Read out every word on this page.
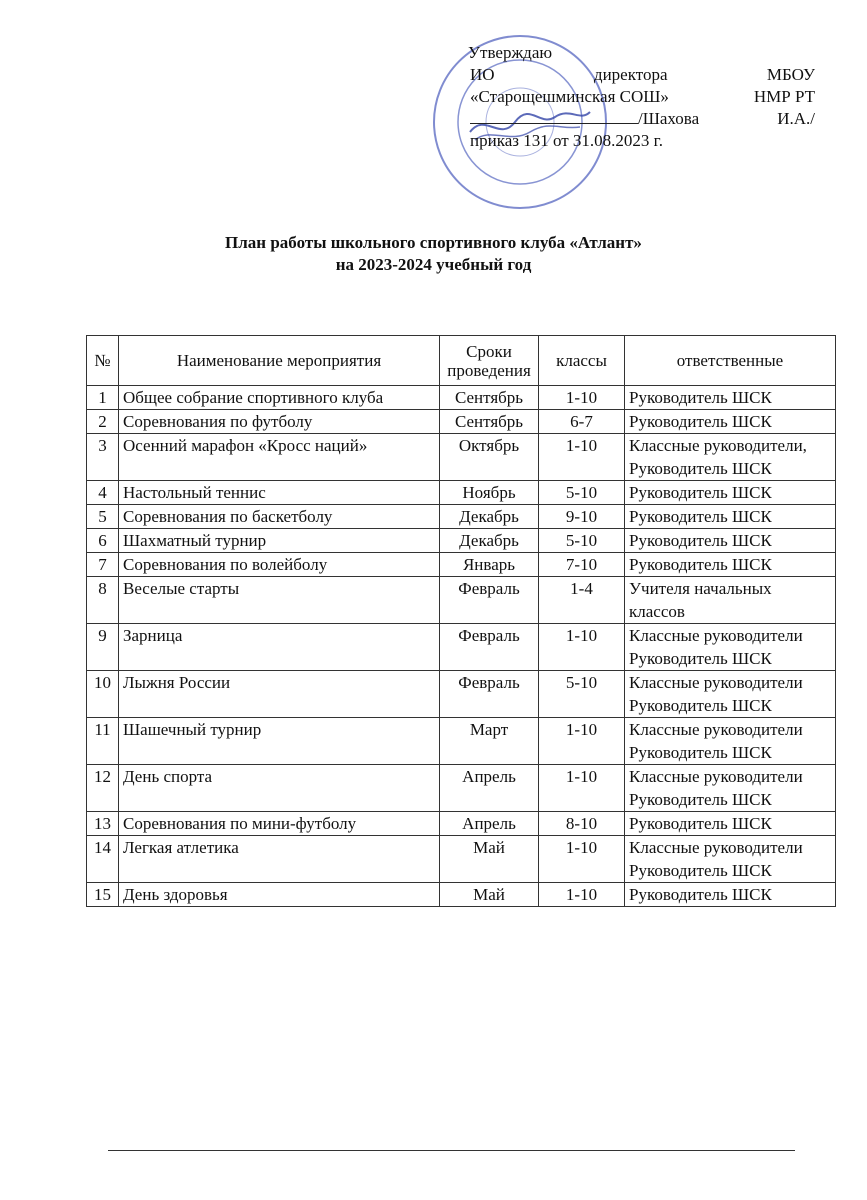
Утверждаю
ИО	директора	МБОУ
«Старощешминская СОШ»	НМР РТ
/Шахова	И.А./
приказ 131 от 31.08.2023 г.
План работы школьного спортивного клуба «Атлант»
на 2023-2024 учебный год
№	Наименование мероприятия	Сроки проведения	классы	ответственные
1	Общее собрание спортивного клуба	Сентябрь	1-10	Руководитель ШСК
2	Соревнования по футболу	Сентябрь	6-7	Руководитель ШСК
3	Осенний марафон «Кросс наций»	Октябрь	1-10	Классные руководители, Руководитель ШСК
4	Настольный теннис	Ноябрь	5-10	Руководитель ШСК
5	Соревнования по баскетболу	Декабрь	9-10	Руководитель ШСК
6	Шахматный турнир	Декабрь	5-10	Руководитель ШСК
7	Соревнования по волейболу	Январь	7-10	Руководитель ШСК
8	Веселые старты	Февраль	1-4	Учителя начальных классов
9	Зарница	Февраль	1-10	Классные руководители Руководитель ШСК
10	Лыжня России	Февраль	5-10	Классные руководители Руководитель ШСК
11	Шашечный турнир	Март	1-10	Классные руководители Руководитель ШСК
12	День спорта	Апрель	1-10	Классные руководители Руководитель ШСК
13	Соревнования по мини-футболу	Апрель	8-10	Руководитель ШСК
14	Легкая атлетика	Май	1-10	Классные руководители Руководитель ШСК
15	День здоровья	Май	1-10	Руководитель ШСК
